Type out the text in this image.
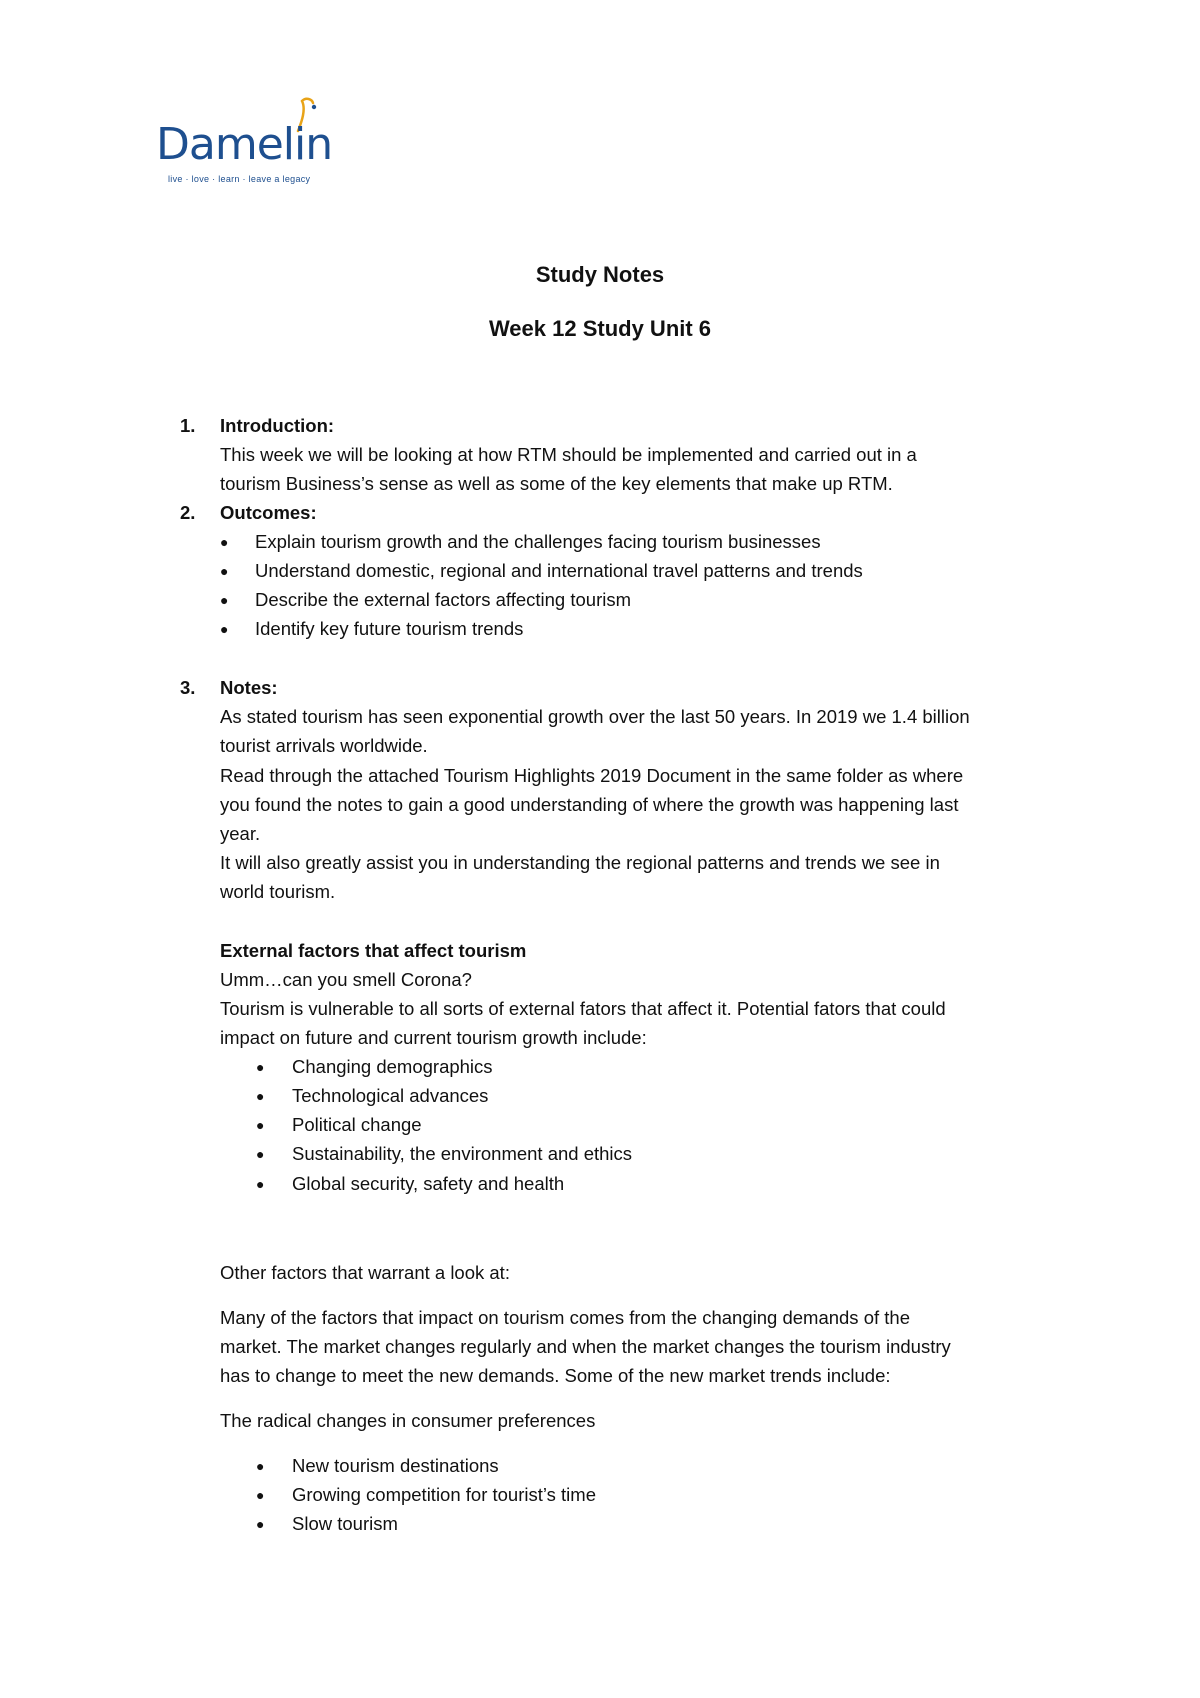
Damelin
live · love · learn · leave a legacy
Study Notes
Week 12 Study Unit 6
1. Introduction:
This week we will be looking at how RTM should be implemented and carried out in a
tourism Business’s sense as well as some of the key elements that make up RTM.
2. Outcomes:
● Explain tourism growth and the challenges facing tourism businesses
● Understand domestic, regional and international travel patterns and trends
● Describe the external factors affecting tourism
● Identify key future tourism trends
3. Notes:
As stated tourism has seen exponential growth over the last 50 years. In 2019 we 1.4 billion
tourist arrivals worldwide.
Read through the attached Tourism Highlights 2019 Document in the same folder as where
you found the notes to gain a good understanding of where the growth was happening last
year.
It will also greatly assist you in understanding the regional patterns and trends we see in
world tourism.
External factors that affect tourism
Umm…can you smell Corona?
Tourism is vulnerable to all sorts of external fators that affect it. Potential fators that could
impact on future and current tourism growth include:
● Changing demographics
● Technological advances
● Political change
● Sustainability, the environment and ethics
● Global security, safety and health
Other factors that warrant a look at:
Many of the factors that impact on tourism comes from the changing demands of the
market. The market changes regularly and when the market changes the tourism industry
has to change to meet the new demands. Some of the new market trends include:
The radical changes in consumer preferences
● New tourism destinations
● Growing competition for tourist’s time
● Slow tourism
